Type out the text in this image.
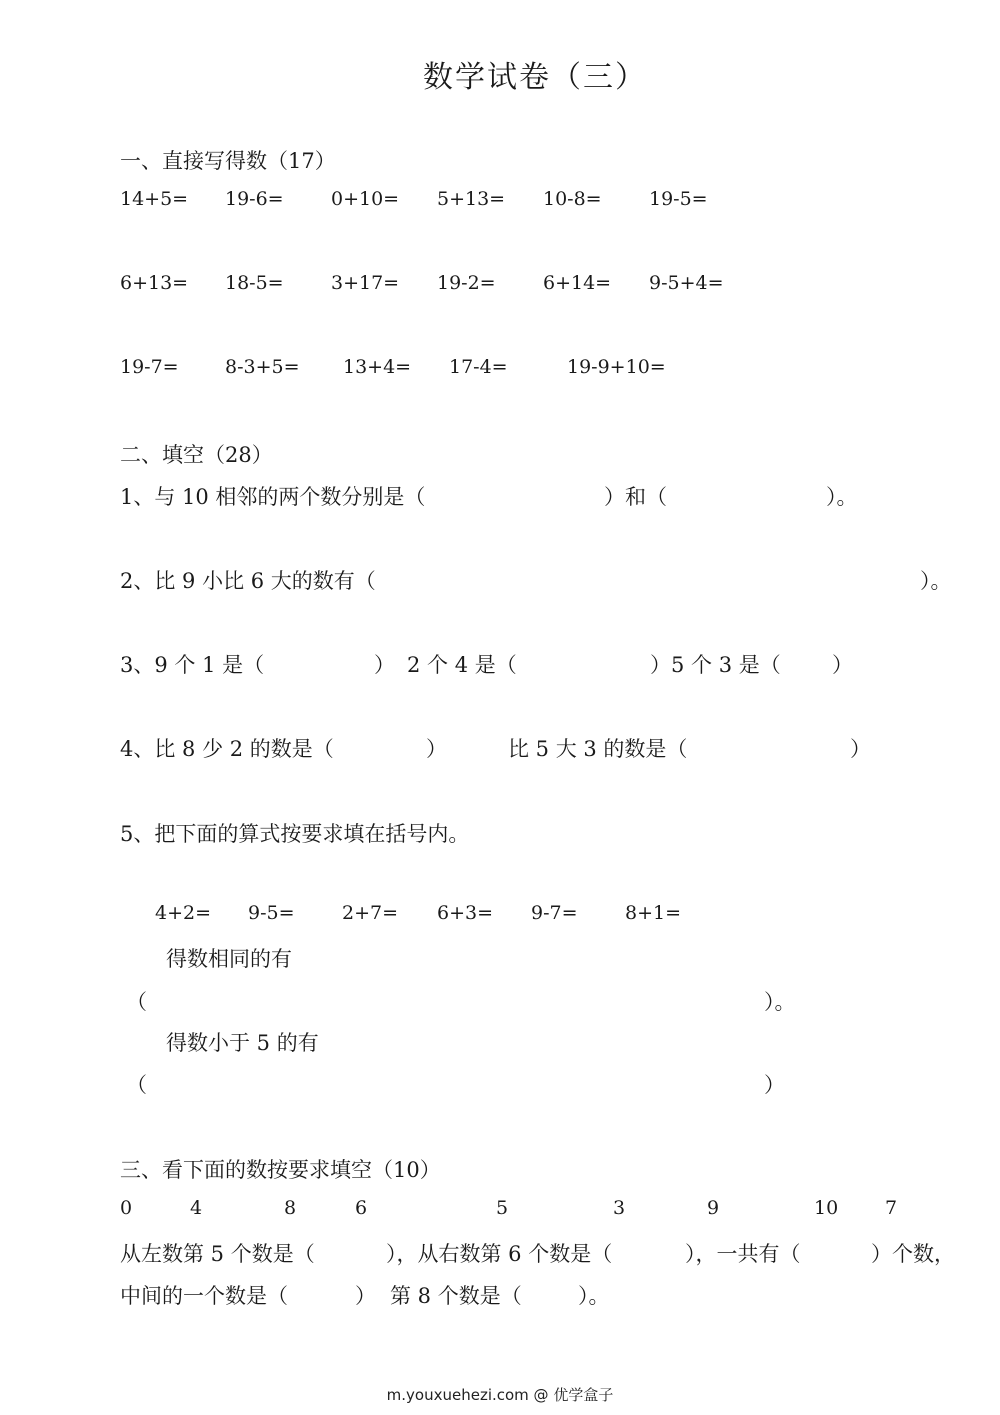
数学试卷（三）
一、直接写得数（17）
14+5= 19-6= 0+10= 5+13= 10-8= 19-5=
6+13= 18-5= 3+17= 19-2= 6+14= 9-5+4=
19-7= 8-3+5= 13+4= 17-4=	19-9+10=
二、填空（28）
1、与 10 相邻的两个数分别是（	）和（	）。
2、比 9 小比 6 大的数有（	）。
3、9 个 1 是（	） 2 个 4 是（	）5 个 3 是（ ）
4、比 8 少 2 的数是（	）	比 5 大 3 的数是（	）
5、把下面的算式按要求填在括号内。
4+2= 9-5= 2+7= 6+3= 9-7= 8+1=
得数相同的有
（	）。
得数小于 5 的有
（	）
三、看下面的数按要求填空（10）
0	4	8	6	5	3	9	10 7
从左数第 5 个数是（	），从右数第 6 个数是（	），一共有（	）个数，
中间的一个数是（	） 第 8 个数是（	）。
m.youxuehezi.com @ 优学盒子
